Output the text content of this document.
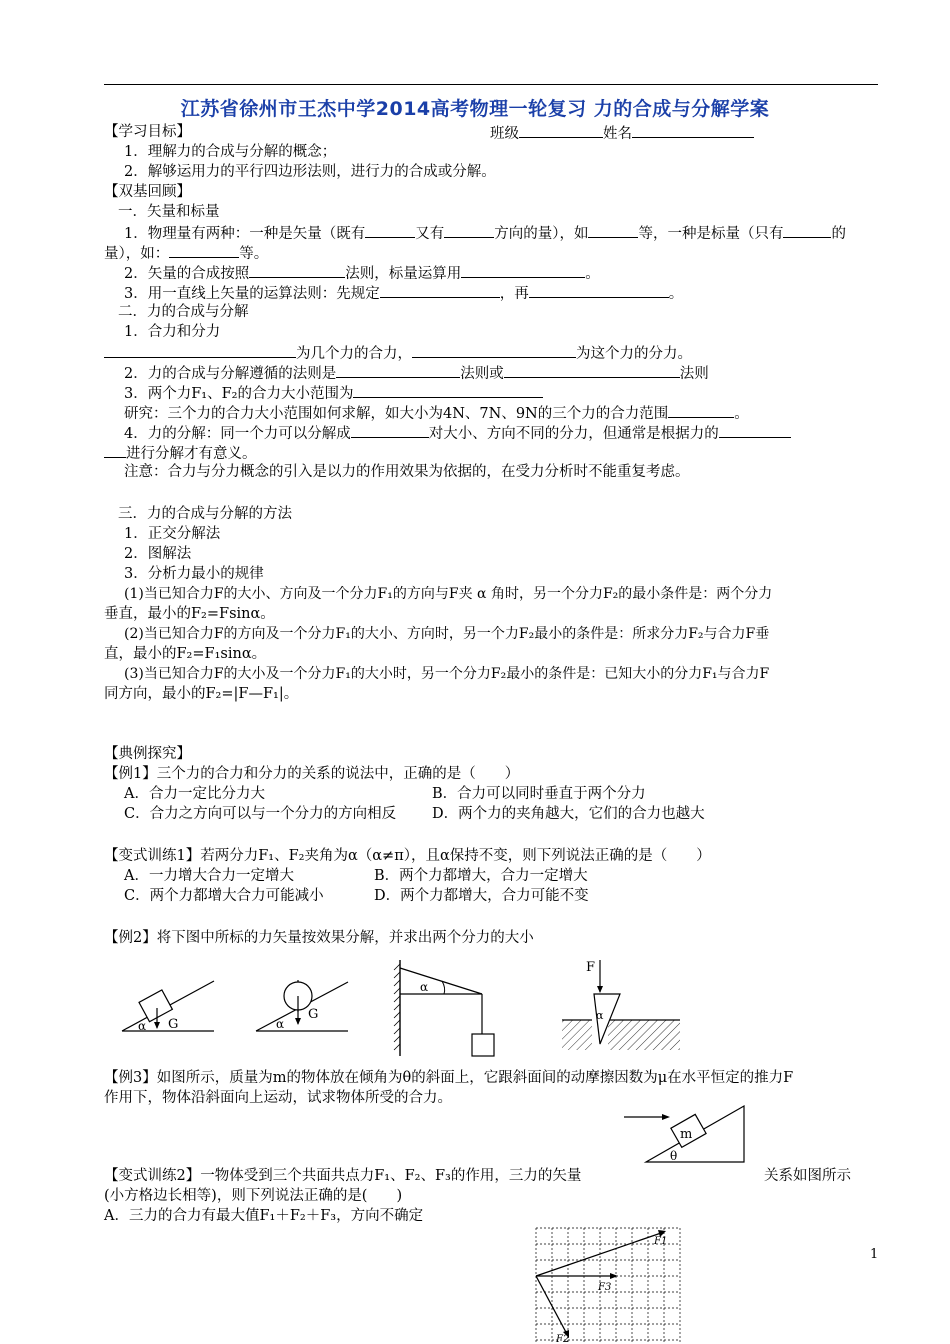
江苏省徐州市王杰中学2014高考物理一轮复习 力的合成与分解学案
【学习目标】	班级	姓名
1．理解力的合成与分解的概念；
2．解够运用力的平行四边形法则，进行力的合成或分解。
【双基回顾】
一．矢量和标量
1．物理量有两种：一种是矢量（既有	又有	方向的量），如	等，一种是标量（只有	的
量），如：	等。
2．矢量的合成按照	法则，标量运算用	。
3．用一直线上矢量的运算法则：先规定	，再	。
二．力的合成与分解
1．合力和分力
为几个力的合力，	为这个力的分力。
2．力的合成与分解遵循的法则是	法则或	法则
3．两个力F₁、F₂的合力大小范围为
研究：三个力的合力大小范围如何求解，如大小为4N、7N、9N的三个力的合力范围	。
4．力的分解：同一个力可以分解成	对大小、方向不同的分力，但通常是根据力的
进行分解才有意义。
注意：合力与分力概念的引入是以力的作用效果为依据的，在受力分析时不能重复考虑。
三．力的合成与分解的方法
1．正交分解法
2．图解法
3．分析力最小的规律
(1)当已知合力F的大小、方向及一个分力F₁的方向与F夹 α 角时，另一个分力F₂的最小条件是：两个分力
垂直，最小的F₂=Fsinα。
(2)当已知合力F的方向及一个分力F₁的大小、方向时，另一个力F₂最小的条件是：所求分力F₂与合力F垂
直，最小的F₂=F₁sinα。
(3)当已知合力F的大小及一个分力F₁的大小时，另一个分力F₂最小的条件是：已知大小的分力F₁与合力F
同方向，最小的F₂=|F—F₁|。
【典例探究】
【例1】三个力的合力和分力的关系的说法中，正确的是（　　）
A．合力一定比分力大	B．合力可以同时垂直于两个分力
C．合力之方向可以与一个分力的方向相反 D．两个力的夹角越大，它们的合力也越大
【变式训练1】若两分力F₁、F₂夹角为α（α≠π），且α保持不变，则下列说法正确的是（　　）
A．一力增大合力一定增大	B．两个力都增大，合力一定增大
C．两个力都增大合力可能减小	D．两个力都增大，合力可能不变
【例2】将下图中所标的力矢量按效果分解，并求出两个分力的大小
α G	α
G
α
F
α
【例3】如图所示，质量为m的物体放在倾角为θ的斜面上，它跟斜面间的动摩擦因数为μ在水平恒定的推力F
作用下，物体沿斜面向上运动，试求物体所受的合力。
m
θ
【变式训练2】一物体受到三个共面共点力F₁、F₂、F₃的作用，三力的矢量	关系如图所示
(小方格边长相等)，则下列说法正确的是(　　)
A．三力的合力有最大值F₁＋F₂＋F₃，方向不确定
F1
F3
F2
1
